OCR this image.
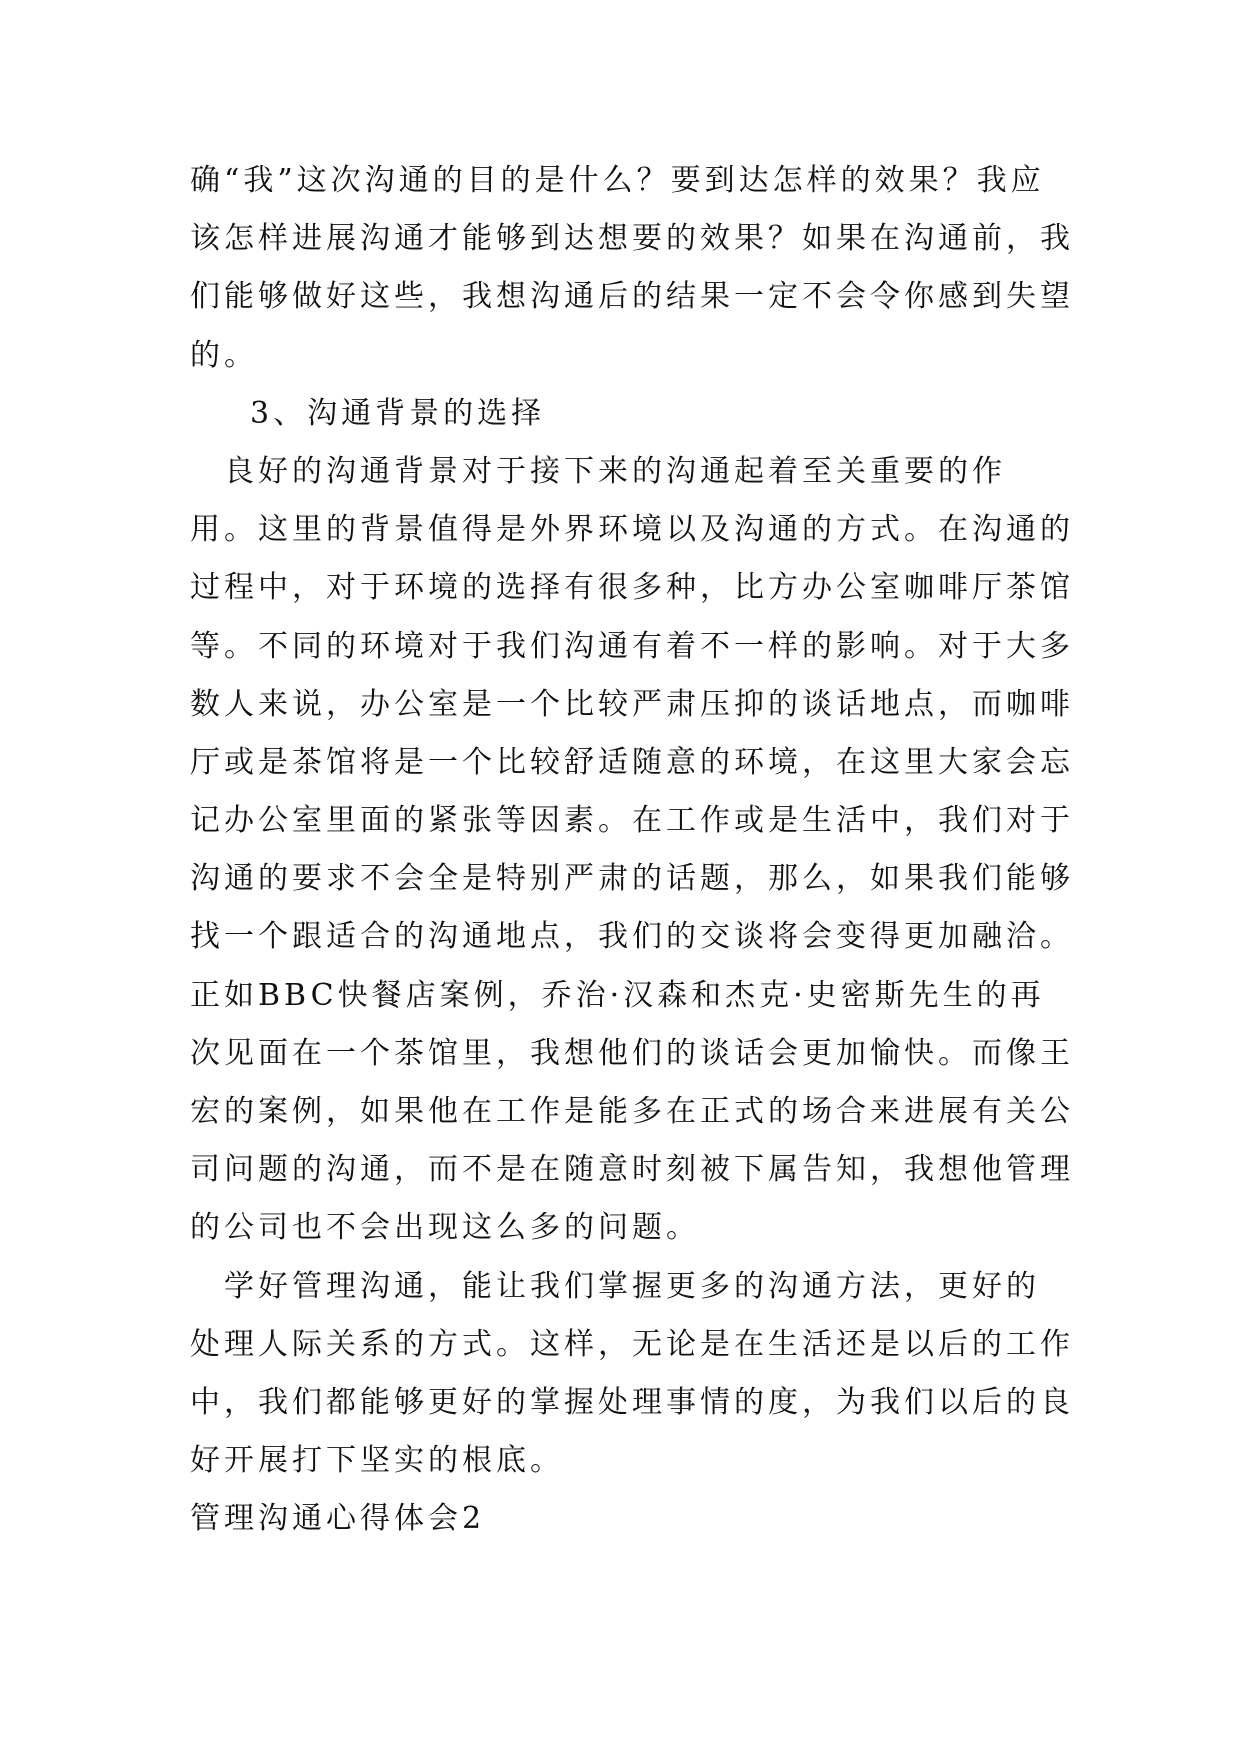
确“我”这次沟通的目的是什么？要到达怎样的效果？我应

该怎样进展沟通才能够到达想要的效果？如果在沟通前，我

们能够做好这些，我想沟通后的结果一定不会令你感到失望

的。

3、沟通背景的选择

　良好的沟通背景对于接下来的沟通起着至关重要的作

用。这里的背景值得是外界环境以及沟通的方式。在沟通的

过程中，对于环境的选择有很多种，比方办公室咖啡厅茶馆

等。不同的环境对于我们沟通有着不一样的影响。对于大多

数人来说，办公室是一个比较严肃压抑的谈话地点，而咖啡

厅或是茶馆将是一个比较舒适随意的环境，在这里大家会忘

记办公室里面的紧张等因素。在工作或是生活中，我们对于

沟通的要求不会全是特别严肃的话题，那么，如果我们能够

找一个跟适合的沟通地点，我们的交谈将会变得更加融洽。

正如BBC快餐店案例，乔治·汉森和杰克·史密斯先生的再

次见面在一个茶馆里，我想他们的谈话会更加愉快。而像王

宏的案例，如果他在工作是能多在正式的场合来进展有关公

司问题的沟通，而不是在随意时刻被下属告知，我想他管理

的公司也不会出现这么多的问题。

　学好管理沟通，能让我们掌握更多的沟通方法，更好的

处理人际关系的方式。这样，无论是在生活还是以后的工作

中，我们都能够更好的掌握处理事情的度，为我们以后的良

好开展打下坚实的根底。

管理沟通心得体会2
